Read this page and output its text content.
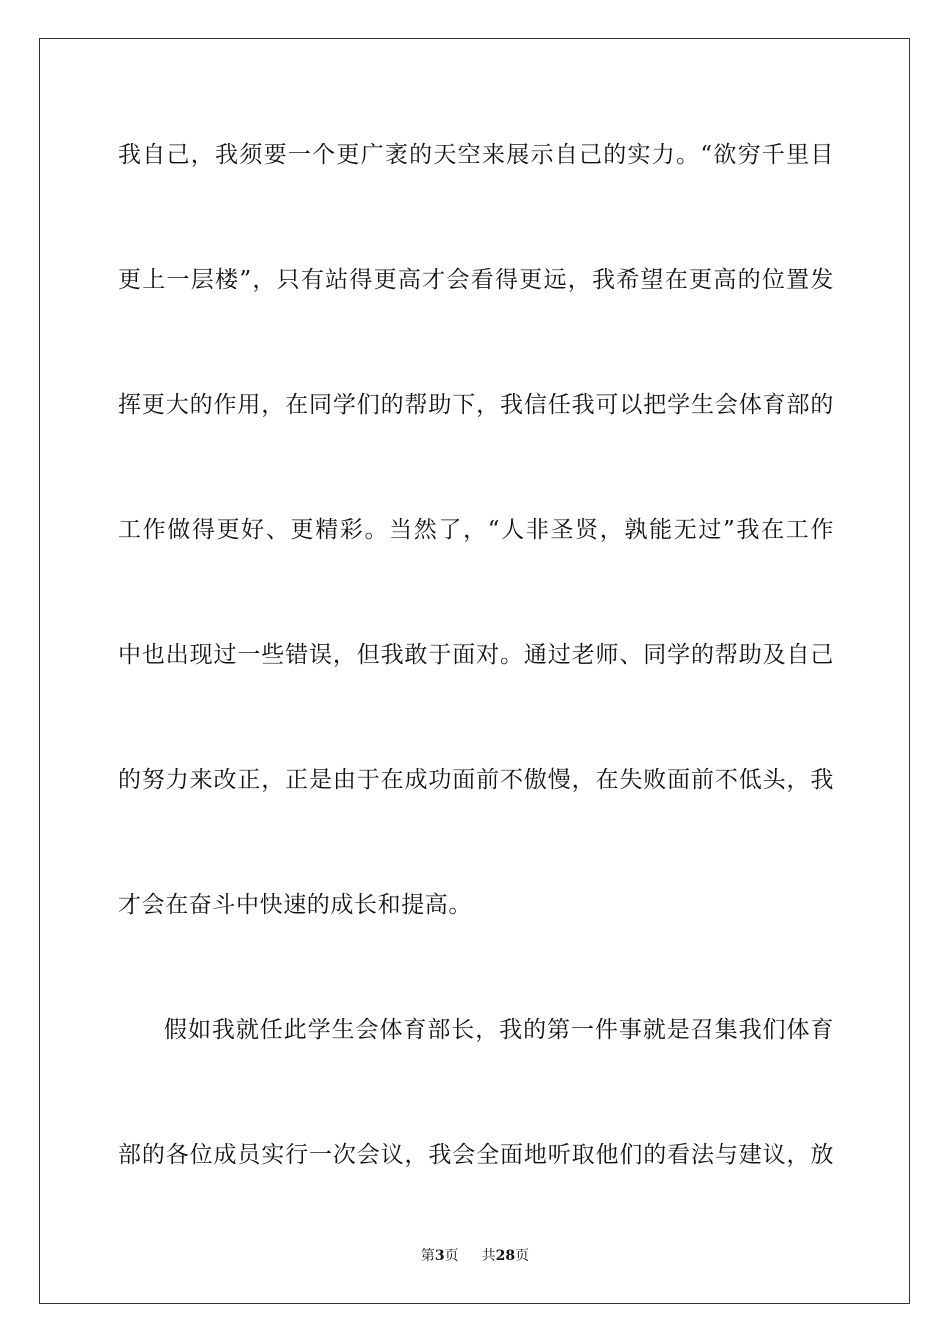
我自己，我须要一个更广袤的天空来展示自己的实力。“欲穷千里目
更上一层楼”，只有站得更高才会看得更远，我希望在更高的位置发
挥更大的作用，在同学们的帮助下，我信任我可以把学生会体育部的
工作做得更好、更精彩。当然了，“人非圣贤，孰能无过”我在工作
中也出现过一些错误，但我敢于面对。通过老师、同学的帮助及自己
的努力来改正，正是由于在成功面前不傲慢，在失败面前不低头，我
才会在奋斗中快速的成长和提高。
假如我就任此学生会体育部长，我的第一件事就是召集我们体育
部的各位成员实行一次会议，我会全面地听取他们的看法与建议，放
第3页 共28页
